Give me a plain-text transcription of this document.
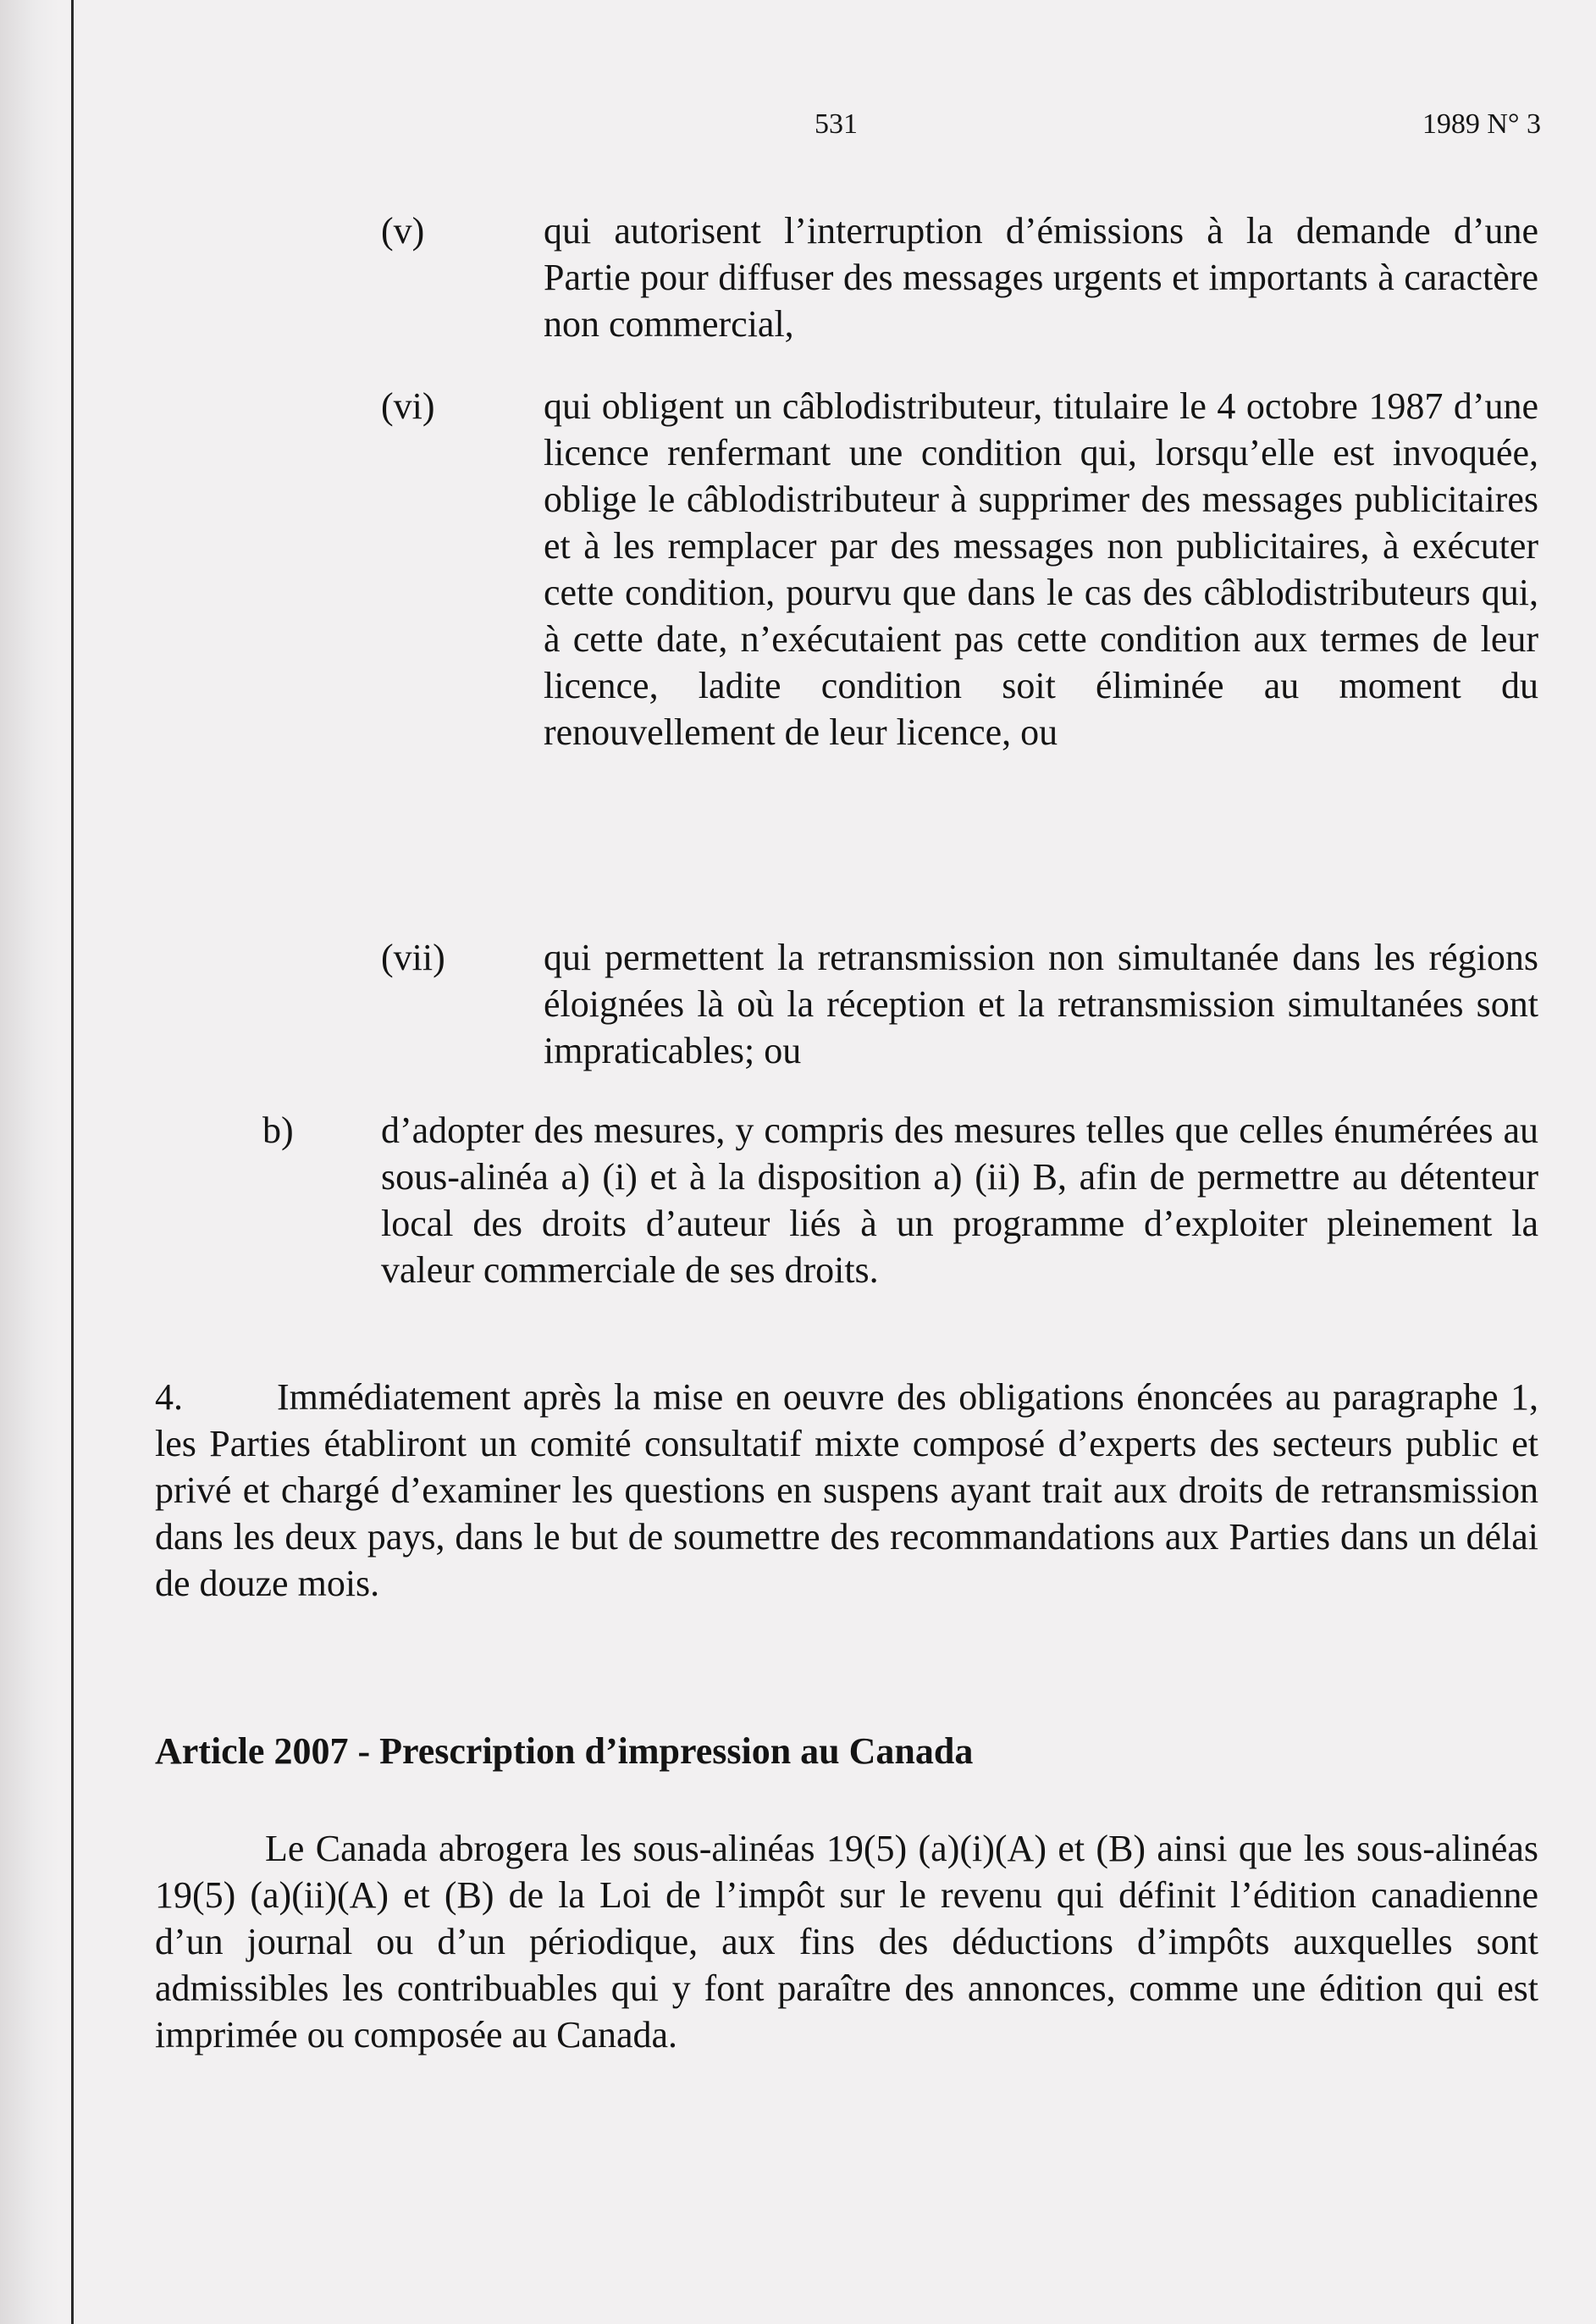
531	1989 N° 3
(v)	qui autorisent l’interruption d’émissions à la demande d’une Partie pour diffuser des messages urgents et importants à caractère non commercial,
(vi)	qui obligent un câblodistributeur, titulaire le 4 octobre 1987 d’une licence renfermant une condition qui, lorsqu’elle est invoquée, oblige le câblodistributeur à supprimer des messages publicitaires et à les remplacer par des messages non publicitaires, à exécuter cette condition, pourvu que dans le cas des câblodistributeurs qui, à cette date, n’exécutaient pas cette condition aux termes de leur licence, ladite condition soit éliminée au moment du renouvellement de leur licence, ou
(vii)	qui permettent la retransmission non simultanée dans les régions éloignées là où la réception et la retransmission simultanées sont impraticables; ou
b) d’adopter des mesures, y compris des mesures telles que celles énumérées au sous-alinéa a) (i) et à la disposition a) (ii) B, afin de permettre au détenteur local des droits d’auteur liés à un programme d’exploiter pleinement la valeur commerciale de ses droits.
4.	Immédiatement après la mise en oeuvre des obligations énoncées au paragraphe 1, les Parties établiront un comité consultatif mixte composé d’experts des secteurs public et privé et chargé d’examiner les questions en suspens ayant trait aux droits de retransmission dans les deux pays, dans le but de soumettre des recommandations aux Parties dans un délai de douze mois.
Article 2007 - Prescription d’impression au Canada
Le Canada abrogera les sous-alinéas 19(5) (a)(i)(A) et (B) ainsi que les sous-alinéas 19(5) (a)(ii)(A) et (B) de la Loi de l’impôt sur le revenu qui définit l’édition canadienne d’un journal ou d’un périodique, aux fins des déductions d’impôts auxquelles sont admissibles les contribuables qui y font paraître des annonces, comme une édition qui est imprimée ou composée au Canada.
